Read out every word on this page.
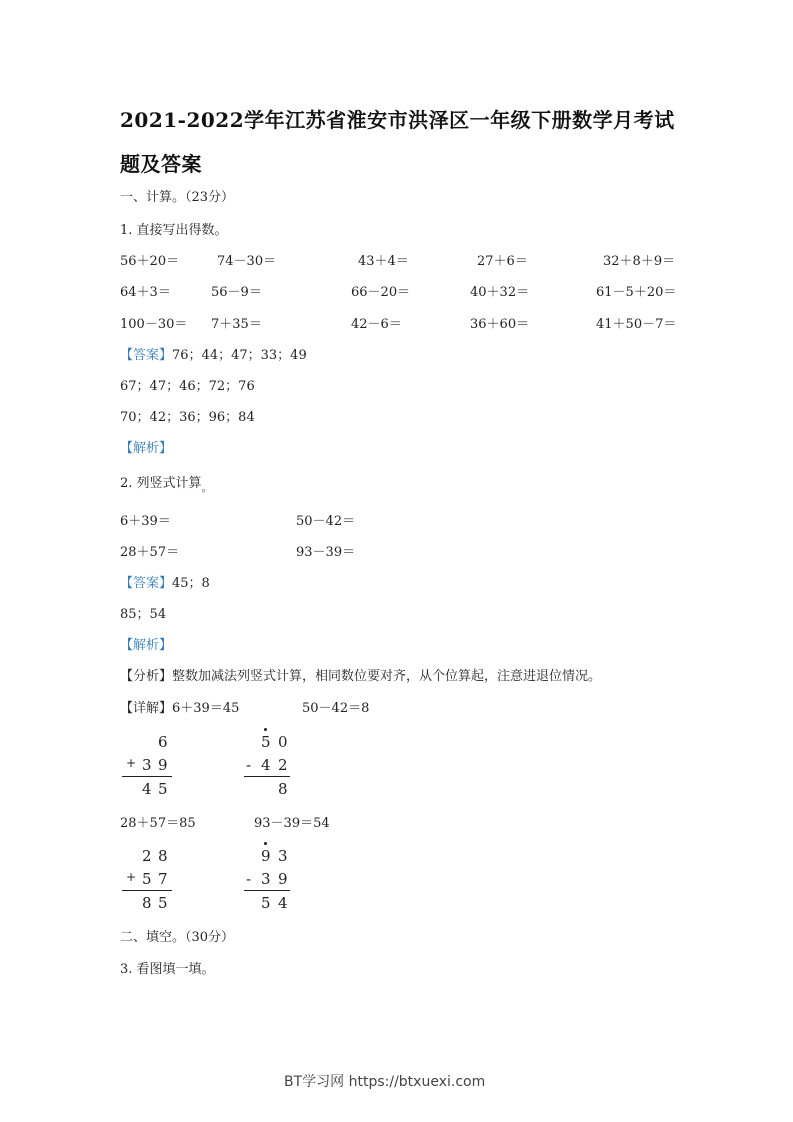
2021-2022学年江苏省淮安市洪泽区一年级下册数学月考试
题及答案
一、计算。（23分）
1. 直接写出得数。
56＋20＝	74－30＝	43＋4＝	27＋6＝	32＋8＋9＝
64＋3＝	56－9＝	66－20＝	40＋32＝	61－5＋20＝
100－30＝ 7＋35＝	42－6＝	36＋60＝	41＋50－7＝
【答案】76；44；47；33；49
67；47；46；72；76
70；42；36；96；84
【解析】
2. 列竖式计算$_。$
6＋39＝	50－42＝
28＋57＝	93－39＝
【答案】45；8
85；54
【解析】
【分析】整数加减法列竖式计算，相同数位要对齐，从个位算起，注意进退位情况。
【详解】6＋39＝45	50－42＝8
6
+ 3 9
4 5
5 0
- 4 2
8
28＋57＝85	93－39＝54
2 8
+ 5 7
8 5
9 3
- 3 9
5 4
二、填空。（30分）
3. 看图填一填。
BT学习网 https://btxuexi.com
